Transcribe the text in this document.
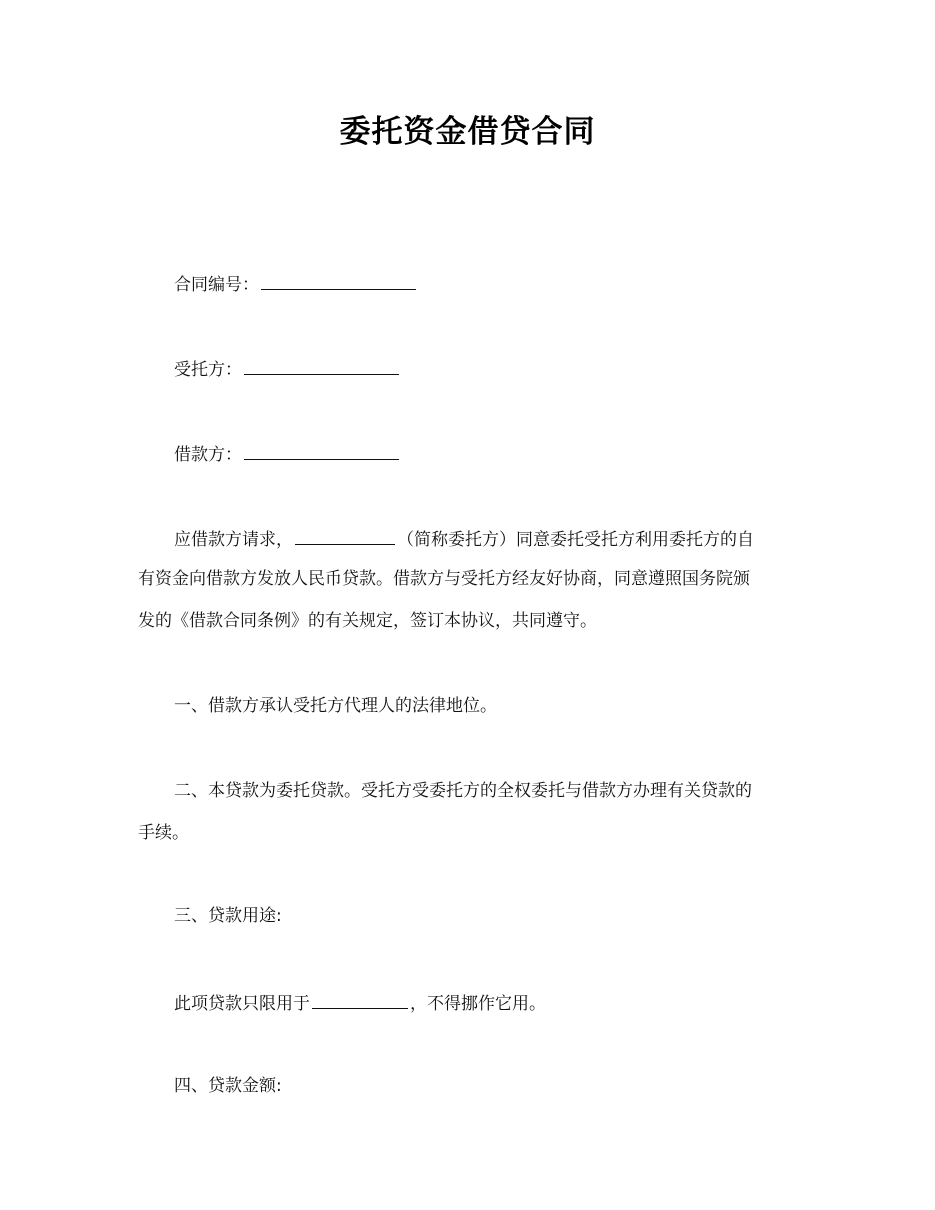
委托资金借贷合同
合同编号：
受托方：
借款方：
应借款方请求，	（简称委托方）同意委托受托方利用委托方的自
有资金向借款方发放人民币贷款。借款方与受托方经友好协商，同意遵照国务院颁
发的《借款合同条例》的有关规定，签订本协议，共同遵守。
一、借款方承认受托方代理人的法律地位。
二、本贷款为委托贷款。受托方受委托方的全权委托与借款方办理有关贷款的
手续。
三、贷款用途:
此项贷款只限用于	，不得挪作它用。
四、贷款金额:
